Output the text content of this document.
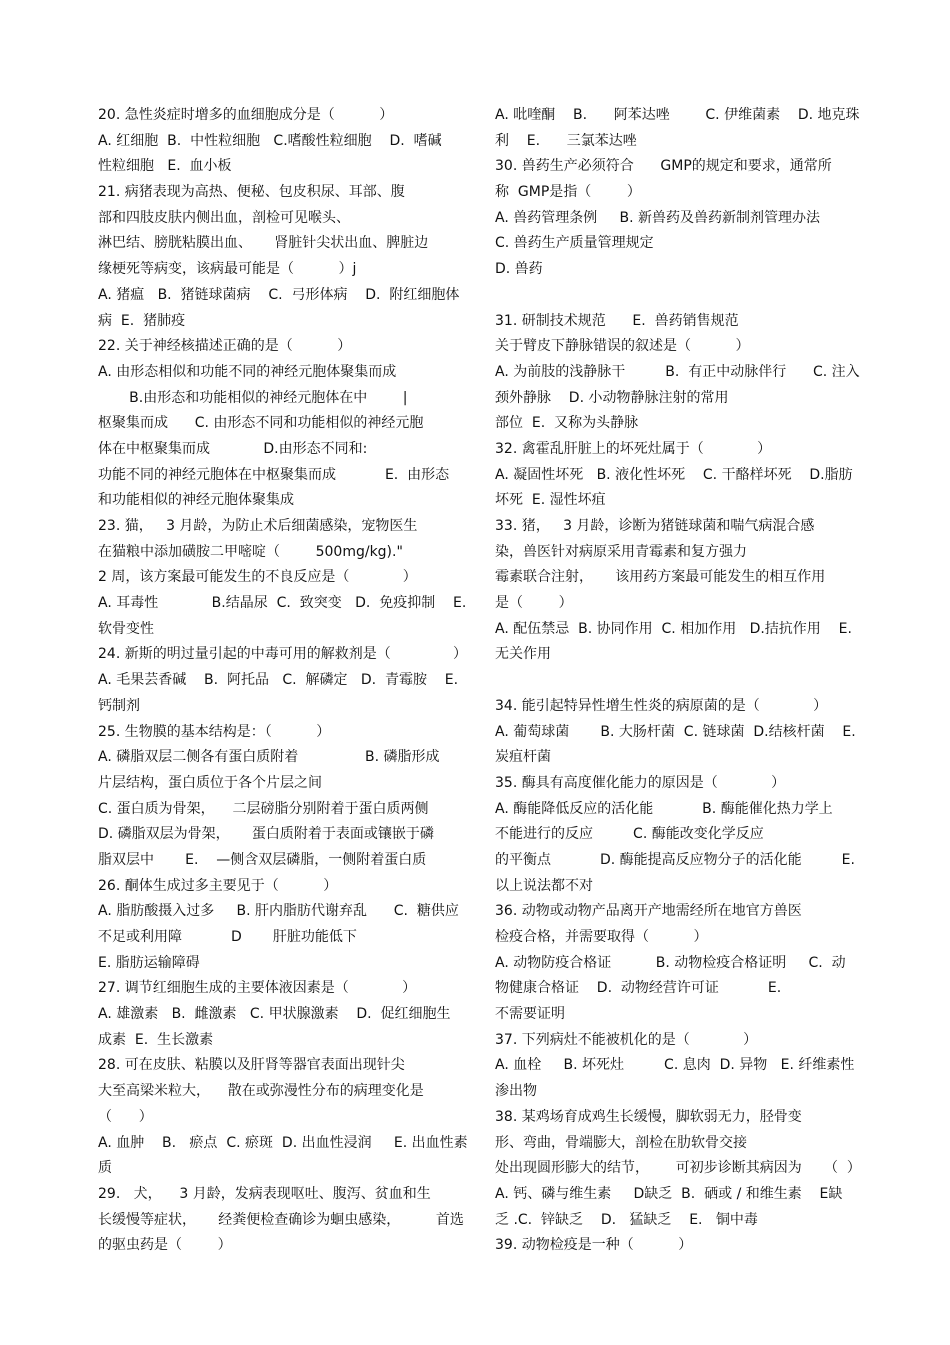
20. 急性炎症时增多的血细胞成分是（          ）
A. 红细胞  B.  中性粒细胞   C.嗜酸性粒细胞    D.  嗜碱
性粒细胞   E.  血小板
21. 病猪表现为高热、便秘、包皮积尿、耳部、腹
部和四肢皮肤内侧出血，剖检可见喉头、
淋巴结、膀胱粘膜出血、     肾脏针尖状出血、脾脏边
缘梗死等病变，该病最可能是（          ）j
A. 猪瘟   B.  猪链球菌病    C.  弓形体病    D.  附红细胞体
病  E.  猪肺疫
22. 关于神经核描述正确的是（          ）
A. 由形态相似和功能不同的神经元胞体聚集而成
B.由形态和功能相似的神经元胞体在中        |
枢聚集而成      C. 由形态不同和功能相似的神经元胞
体在中枢聚集而成            D.由形态不同和:
功能不同的神经元胞体在中枢聚集而成           E.  由形态
和功能相似的神经元胞体聚集成
23. 猫，   3 月龄，为防止术后细菌感染，宠物医生
在猫粮中添加磺胺二甲嘧啶（        500mg/kg)."
2 周，该方案最可能发生的不良反应是（            ）
A. 耳毒性            B.结晶尿  C.  致突变   D.  免疫抑制    E.
软骨变性
24. 新斯的明过量引起的中毒可用的解救剂是（              ）
A. 毛果芸香碱    B.  阿托品   C.  解磷定   D.  青霉胺    E.
钙制剂
25. 生物膜的基本结构是：（          ）
A. 磷脂双层二侧各有蛋白质附着               B. 磷脂形成
片层结构，蛋白质位于各个片层之间
C. 蛋白质为骨架，    二层磅脂分别附着于蛋白质两侧
D. 磷脂双层为骨架，     蛋白质附着于表面或镶嵌于磷
脂双层中       E.    —侧含双层磷脂，一侧附着蛋白质
26. 酮体生成过多主要见于（          ）
A. 脂肪酸摄入过多     B. 肝内脂肪代谢弃乱      C.  糖供应
不足或利用障           D       肝脏功能低下
E. 脂肪运输障碍
27. 调节红细胞生成的主要体液因素是（            ）
A. 雄激素   B.  雌激素   C. 甲状腺激素    D.  促红细胞生
成素  E.  生长激素
28. 可在皮肤、粘膜以及肝肾等器官表面出现针尖
大至高梁米粒大，    散在或弥漫性分布的病理变化是
（      ）
A. 血肿    B.   瘀点  C. 瘀斑  D. 出血性浸润     E. 出血性素
质
29.   犬，    3 月龄，发病表现呕吐、腹泻、贫血和生
长缓慢等症状，     经粪便检查确诊为蛔虫感染，        首选
的驱虫药是（        ）
A. 吡喹酮    B.      阿苯达唑        C. 伊维菌素    D. 地克珠
利    E.      三氯苯达唑
30. 兽药生产必须符合      GMP的规定和要求，通常所
称  GMP是指（        ）
A. 兽药管理条例     B. 新兽药及兽药新制剂管理办法
C. 兽药生产质量管理规定
D. 兽药
31. 研制技术规范      E.  兽药销售规范
关于臂皮下静脉错误的叙述是（          ）
A. 为前肢的浅静脉干         B.  有正中动脉伴行      C. 注入
颈外静脉    D. 小动物静脉注射的常用
部位  E.  又称为头静脉
32. 禽霍乱肝脏上的坏死灶属于（            ）
A. 凝固性坏死   B. 液化性坏死    C. 干酪样坏死    D.脂肪
坏死  E. 湿性坏疽
33. 猪，   3 月龄，诊断为猪链球菌和喘气病混合感
染，兽医针对病原采用青霉素和复方强力
霉素联合注射，     该用药方案最可能发生的相互作用
是（        ）
A. 配伍禁忌  B. 协同作用  C. 相加作用   D.拮抗作用    E.
无关作用
34. 能引起特异性增生性炎的病原菌的是（            ）
A. 葡萄球菌       B. 大肠杆菌  C. 链球菌  D.结核杆菌    E.
炭疽杆菌
35. 酶具有高度催化能力的原因是（            ）
A. 酶能降低反应的活化能           B. 酶能催化热力学上
不能进行的反应         C. 酶能改变化学反应
的平衡点           D. 酶能提高反应物分子的活化能         E.
以上说法都不对
36. 动物或动物产品离开产地需经所在地官方兽医
检疫合格，并需要取得（          ）
A. 动物防疫合格证          B. 动物检疫合格证明     C.  动
物健康合格证    D.  动物经营许可证           E.
不需要证明
37. 下列病灶不能被机化的是（            ）
A. 血栓     B. 坏死灶         C. 息肉  D. 异物   E. 纤维素性
渗出物
38. 某鸡场育成鸡生长缓慢，脚软弱无力，胫骨变
形、弯曲，骨端膨大，剖检在肋软骨交接
处出现圆形膨大的结节，      可初步诊断其病因为     （  ）
A. 钙、磷与维生素     D缺乏  B.  硒或 / 和维生素    E缺
乏 .C.  锌缺乏    D.   猛缺乏    E.   铜中毒
39. 动物检疫是一种（          ）
